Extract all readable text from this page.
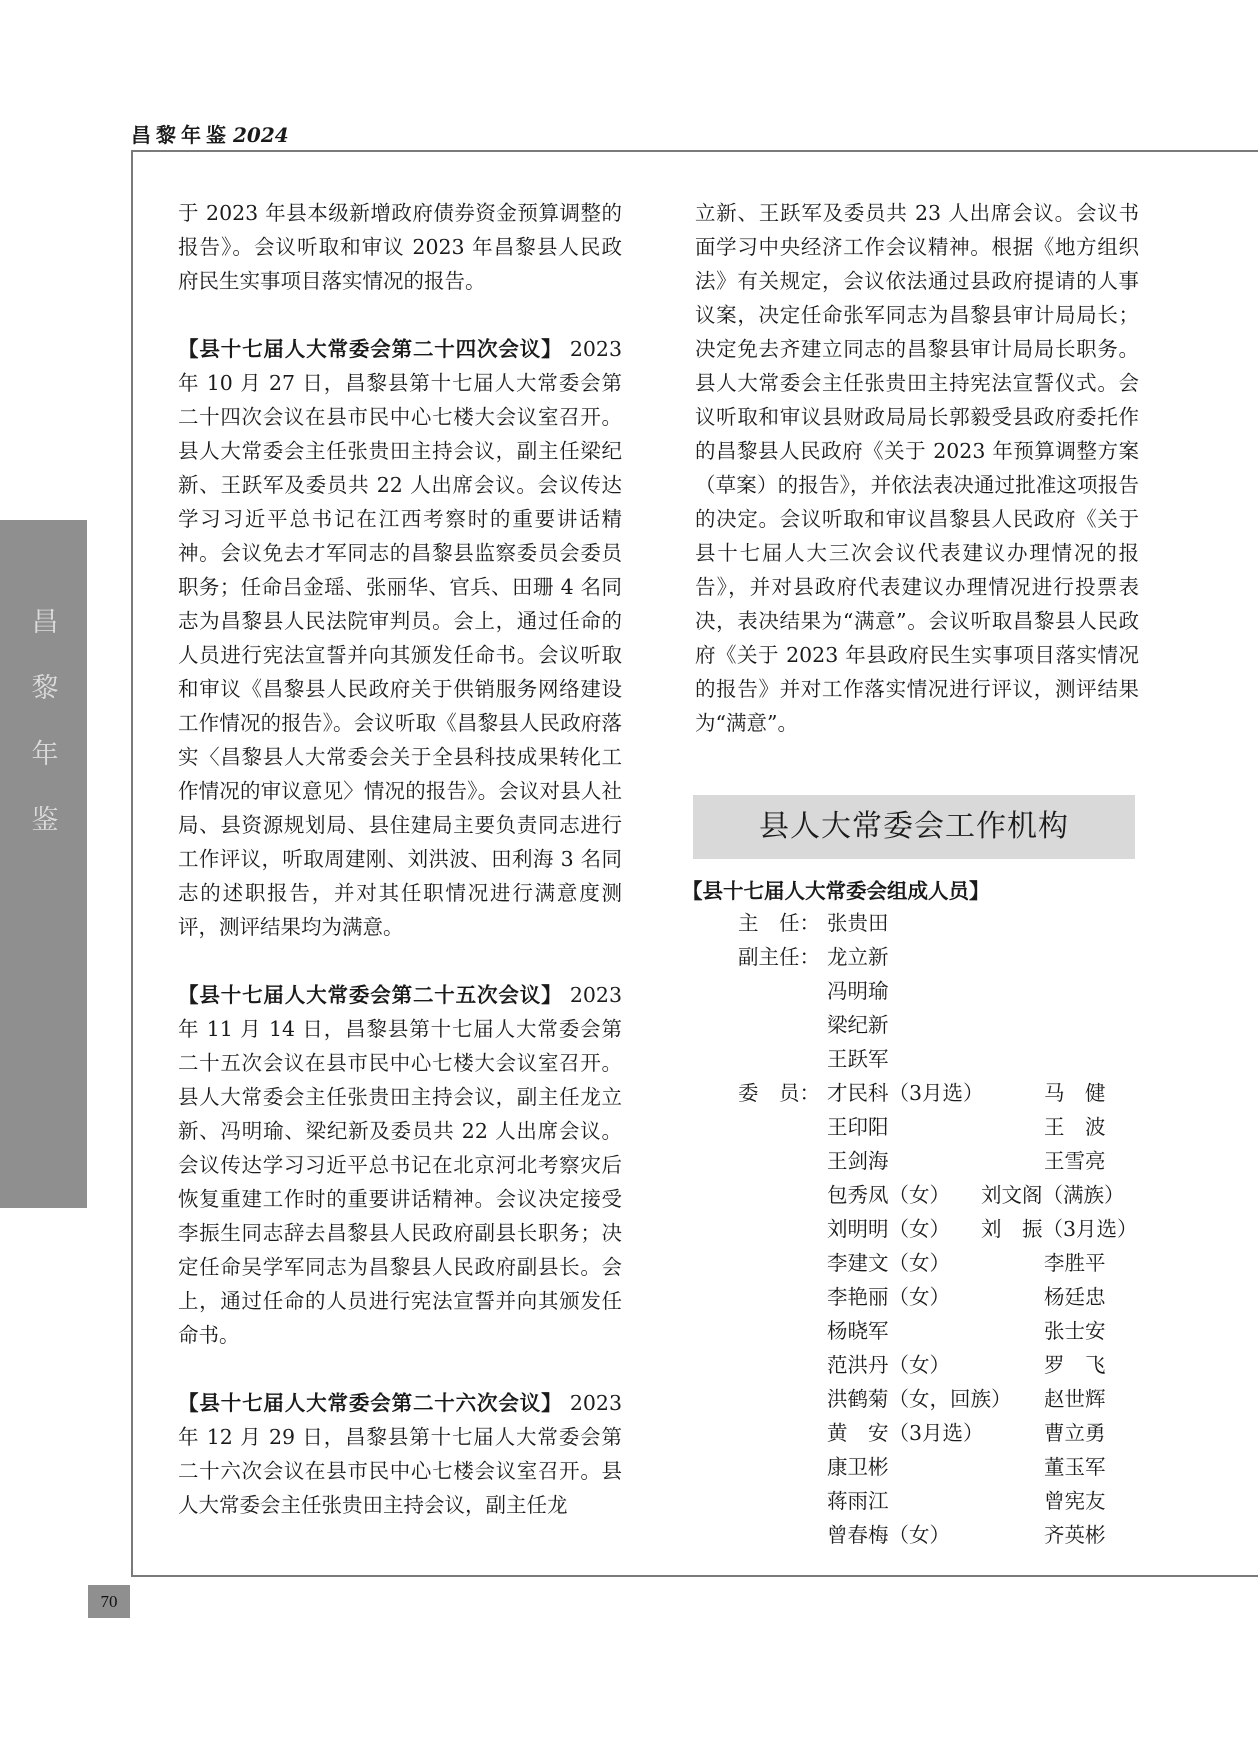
昌黎年鉴 2024
昌
黎
年
鉴
70

于 2023 年县本级新增政府债券资金预算调整的报告》。会议听取和审议 2023 年昌黎县人民政府民生实事项目落实情况的报告。

【县十七届人大常委会第二十四次会议】 2023 年 10 月 27 日，昌黎县第十七届人大常委会第二十四次会议在县市民中心七楼大会议室召开。县人大常委会主任张贵田主持会议，副主任梁纪新、王跃军及委员共 22 人出席会议。会议传达学习习近平总书记在江西考察时的重要讲话精神。会议免去才军同志的昌黎县监察委员会委员职务；任命吕金瑶、张丽华、官兵、田珊 4 名同志为昌黎县人民法院审判员。会上，通过任命的人员进行宪法宣誓并向其颁发任命书。会议听取和审议《昌黎县人民政府关于供销服务网络建设工作情况的报告》。会议听取《昌黎县人民政府落实〈昌黎县人大常委会关于全县科技成果转化工作情况的审议意见〉情况的报告》。会议对县人社局、县资源规划局、县住建局主要负责同志进行工作评议，听取周建刚、刘洪波、田利海 3 名同志的述职报告，并对其任职情况进行满意度测评，测评结果均为满意。

【县十七届人大常委会第二十五次会议】 2023 年 11 月 14 日，昌黎县第十七届人大常委会第二十五次会议在县市民中心七楼大会议室召开。县人大常委会主任张贵田主持会议，副主任龙立新、冯明瑜、梁纪新及委员共 22 人出席会议。会议传达学习习近平总书记在北京河北考察灾后恢复重建工作时的重要讲话精神。会议决定接受李振生同志辞去昌黎县人民政府副县长职务；决定任命吴学军同志为昌黎县人民政府副县长。会上，通过任命的人员进行宪法宣誓并向其颁发任命书。

【县十七届人大常委会第二十六次会议】 2023 年 12 月 29 日，昌黎县第十七届人大常委会第二十六次会议在县市民中心七楼会议室召开。县人大常委会主任张贵田主持会议，副主任龙

立新、王跃军及委员共 23 人出席会议。会议书面学习中央经济工作会议精神。根据《地方组织法》有关规定，会议依法通过县政府提请的人事议案，决定任命张军同志为昌黎县审计局局长；决定免去齐建立同志的昌黎县审计局局长职务。县人大常委会主任张贵田主持宪法宣誓仪式。会议听取和审议县财政局局长郭毅受县政府委托作的昌黎县人民政府《关于 2023 年预算调整方案（草案）的报告》，并依法表决通过批准这项报告的决定。会议听取和审议昌黎县人民政府《关于县十七届人大三次会议代表建议办理情况的报告》，并对县政府代表建议办理情况进行投票表决，表决结果为“满意”。会议听取昌黎县人民政府《关于 2023 年县政府民生实事项目落实情况的报告》并对工作落实情况进行评议，测评结果为“满意”。

县人大常委会工作机构
【县十七届人大常委会组成人员】
主　任： 张贵田
副主任： 龙立新
冯明瑜
梁纪新
王跃军
委　员： 才民科（3月选）	马　健
王印阳	王　波
王剑海	王雪亮
包秀凤（女） 刘文阁（满族）
刘明明（女） 刘　振（3月选）
李建文（女）	李胜平
李艳丽（女）	杨廷忠
杨晓军	张士安
范洪丹（女）	罗　飞
洪鹤菊（女，回族） 赵世辉
黄　安（3月选）	曹立勇
康卫彬	董玉军
蒋雨江	曾宪友
曾春梅（女）	齐英彬
